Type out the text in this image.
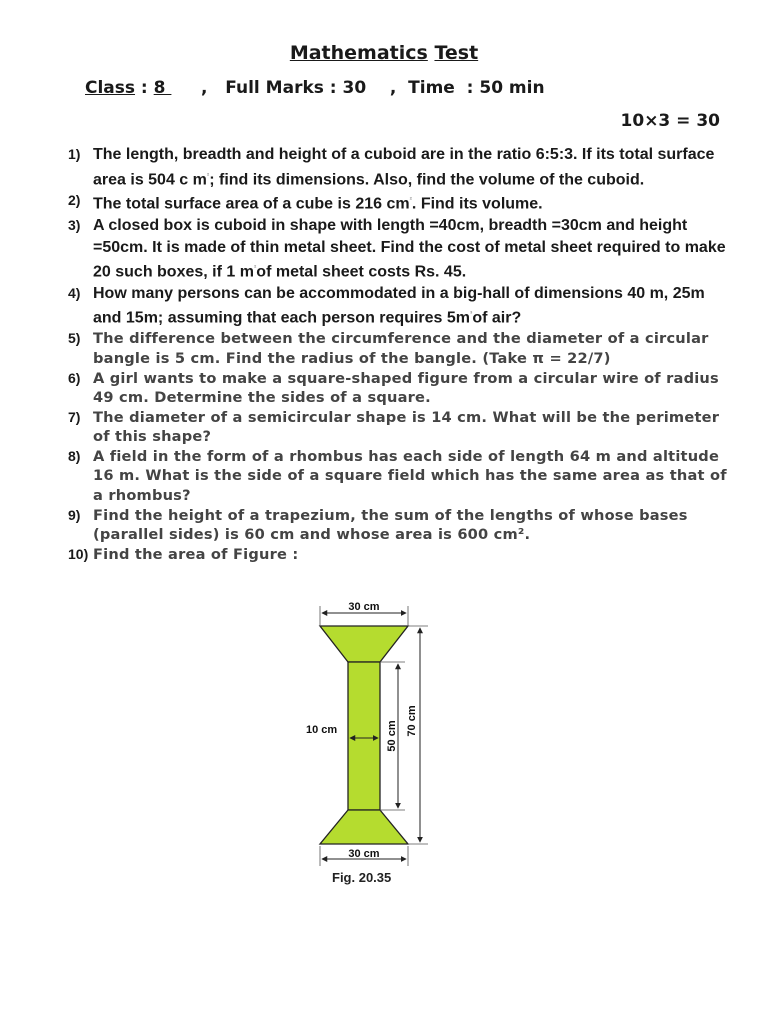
Mathematics Test
Class : 8      ,   Full Marks : 30    ,  Time  : 50 min
10×3 = 30
1) The length, breadth and height of a cuboid are in the ratio 6:5:3. If its total surface area is 504 c $m^{^2}$; find its dimensions. Also, find the volume of the cuboid.
2) The total surface area of a cube is 216 $cm^{^2}$. Find its volume.
3) A closed box is cuboid in shape with length =40cm, breadth =30cm and height =50cm. It is made of thin metal sheet. Find the cost of metal sheet required to make 20 such boxes, if 1 $m^{^2}of$ metal sheet costs Rs. 45.
4) How many persons can be accommodated in a big-hall of dimensions 40 m, 25m and 15m; assuming that each person requires $5m^{^3}of$ air?
5) The difference between the circumference and the diameter of a circular bangle is 5 cm. Find the radius of the bangle. (Take π = 22/7)
6) A girl wants to make a square-shaped figure from a circular wire of radius 49 cm. Determine the sides of a square.
7) The diameter of a semicircular shape is 14 cm. What will be the perimeter of this shape?
8) A field in the form of a rhombus has each side of length 64 m and altitude 16 m. What is the side of a square field which has the same area as that of a rhombus?
9) Find the height of a trapezium, the sum of the lengths of whose bases (parallel sides) is 60 cm and whose area is 600 cm².
10) Find the area of Figure :
30 cm
30 cm
10 cm	50 cm 70 cm
Fig. 20.35
